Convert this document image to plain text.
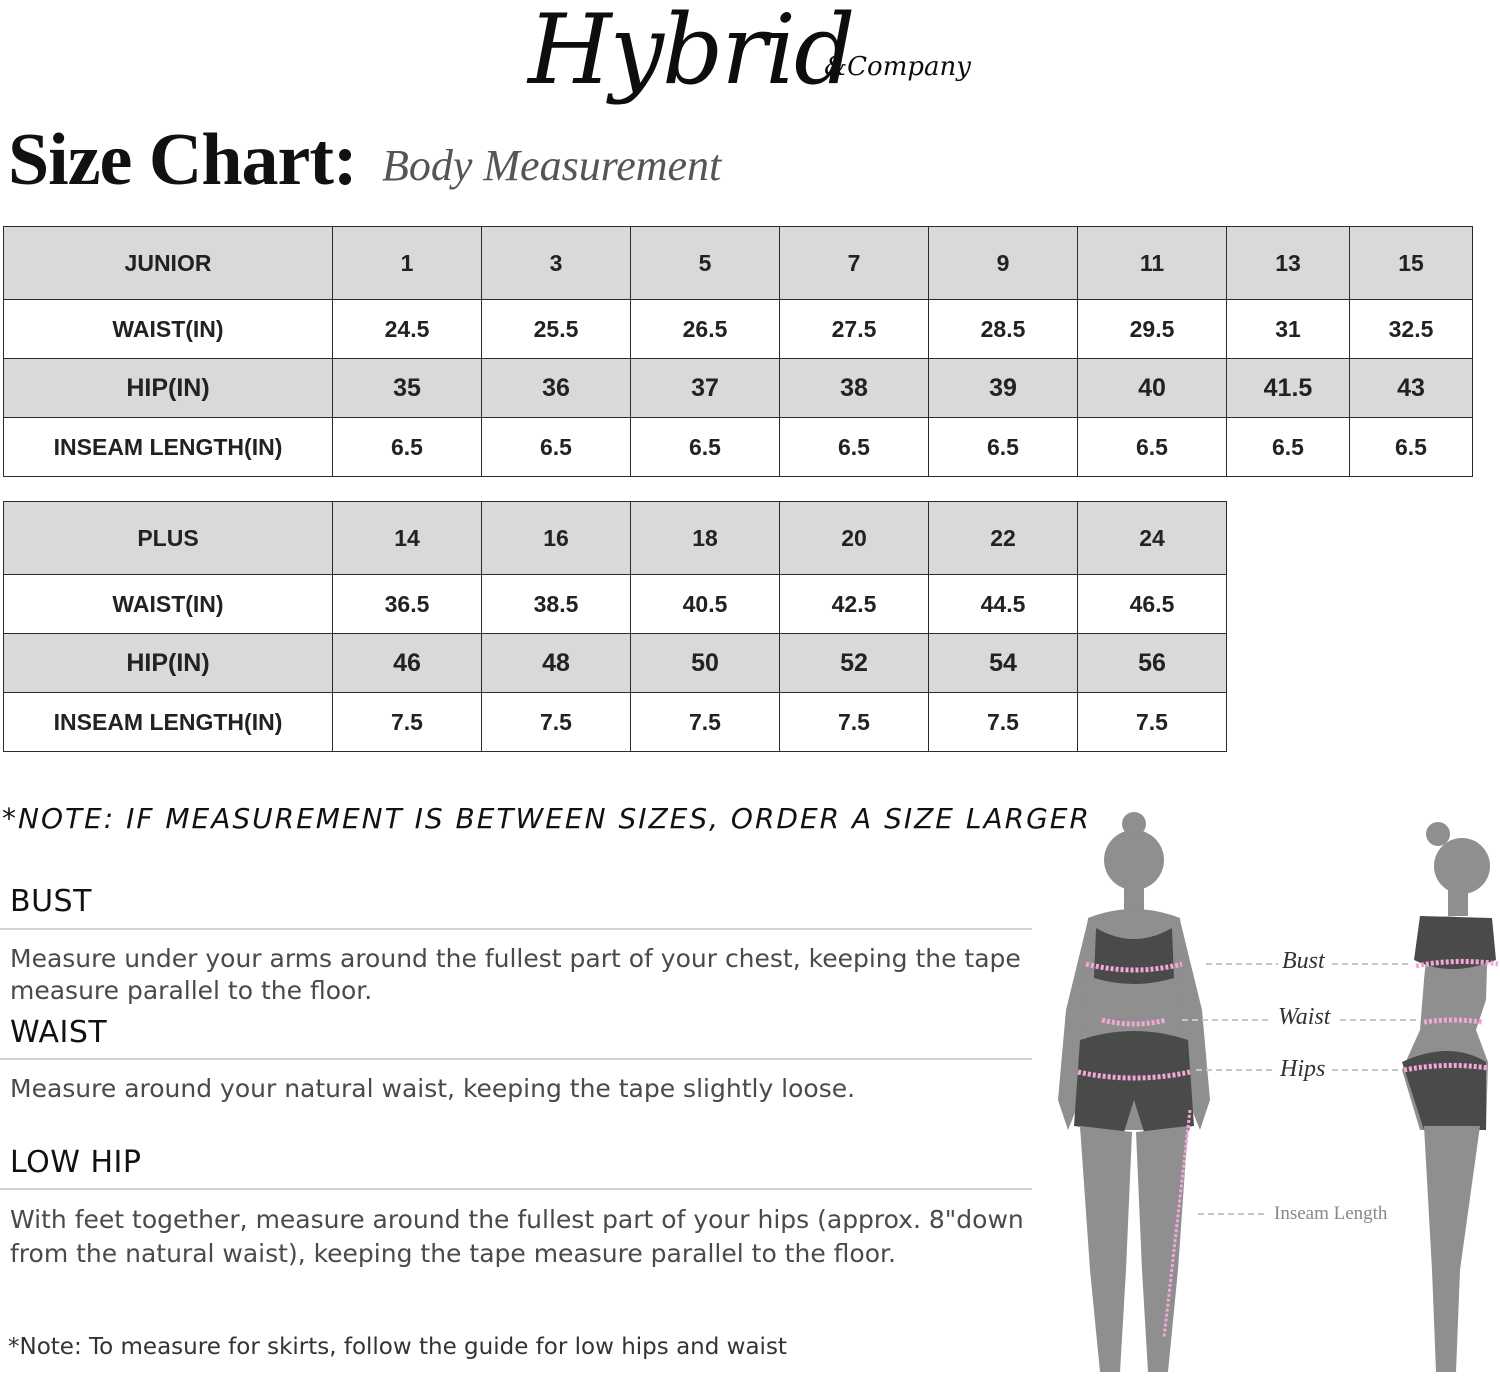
Hybrid
&Company
Size Chart: Body Measurement
JUNIOR	1	3	5	7	9	11	13	15
WAIST(IN)	24.5	25.5	26.5	27.5	28.5	29.5	31	32.5
HIP(IN)	35	36	37	38	39	40	41.5	43
INSEAM LENGTH(IN)	6.5	6.5	6.5	6.5	6.5	6.5	6.5	6.5
PLUS	14	16	18	20	22	24
WAIST(IN)	36.5	38.5	40.5	42.5	44.5	46.5
HIP(IN)	46	48	50	52	54	56
INSEAM LENGTH(IN)	7.5	7.5	7.5	7.5	7.5	7.5
*NOTE: IF MEASUREMENT IS BETWEEN SIZES, ORDER A SIZE LARGER
BUST
Measure under your arms around the fullest part of your chest, keeping the tape measure parallel to the floor.
WAIST
Measure around your natural waist, keeping the tape slightly loose.
LOW HIP
With feet together, measure around the fullest part of your hips (approx. 8"down from the natural waist), keeping the tape measure parallel to the floor.
*Note: To measure for skirts, follow the guide for low hips and waist
Bust
Waist
Hips
Inseam Length
